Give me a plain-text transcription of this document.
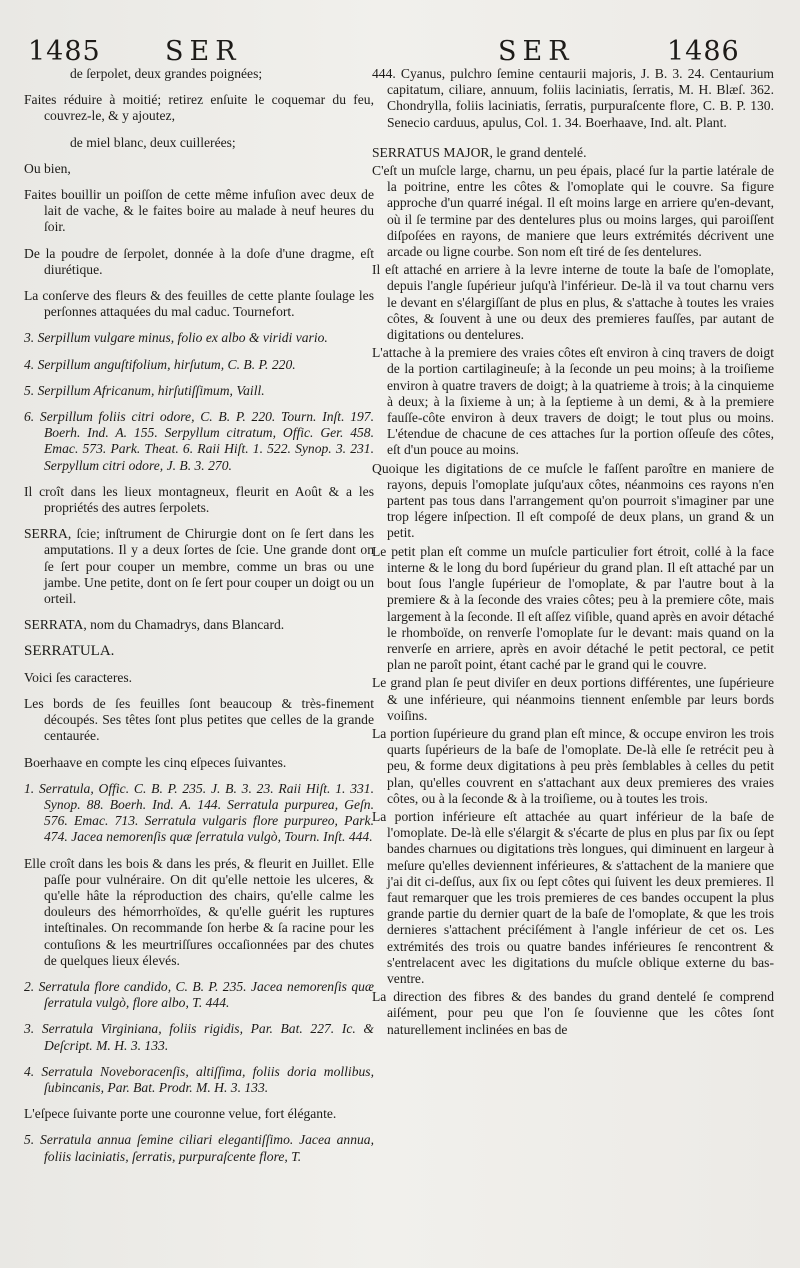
1485 SER	SER	1486

de ſerpolet, deux grandes poignées;

Faites réduire à moitié; retirez enſuite le coquemar du feu, couvrez-le, & y ajoutez,

de miel blanc, deux cuillerées;

Ou bien,

Faites bouillir un poiſſon de cette même infuſion avec deux de lait de vache, & le faites boire au malade à neuf heures du ſoir.

De la poudre de ſerpolet, donnée à la doſe d'une dragme, eſt diurétique.

La conſerve des fleurs & des feuilles de cette plante ſoulage les perſonnes attaquées du mal caduc. Tournefort.

3. Serpillum vulgare minus, folio ex albo & viridi vario.

4. Serpillum anguſtifolium, hirſutum, C. B. P. 220.

5. Serpillum Africanum, hirſutiſſimum, Vaill.

6. Serpillum foliis citri odore, C. B. P. 220. Tourn. Inſt. 197. Boerh. Ind. A. 155. Serpyllum citratum, Offic. Ger. 458. Emac. 573. Park. Theat. 6. Raii Hiſt. 1. 522. Synop. 3. 231. Serpyllum citri odore, J. B. 3. 270.

Il croît dans les lieux montagneux, fleurit en Août & a les propriétés des autres ſerpolets.

SERRA, ſcie; inſtrument de Chirurgie dont on ſe ſert dans les amputations. Il y a deux ſortes de ſcie. Une grande dont on ſe ſert pour couper un membre, comme un bras ou une jambe. Une petite, dont on ſe ſert pour couper un doigt ou un orteil.

SERRATA, nom du Chamadrys, dans Blancard.

SERRATULA.

Voici ſes caracteres.

Les bords de ſes feuilles ſont beaucoup & très-finement découpés. Ses têtes ſont plus petites que celles de la grande centaurée.

Boerhaave en compte les cinq eſpeces ſuivantes.

1. Serratula, Offic. C. B. P. 235. J. B. 3. 23. Raii Hiſt. 1. 331. Synop. 88. Boerh. Ind. A. 144. Serratula purpurea, Geſn. 576. Emac. 713. Serratula vulgaris flore purpureo, Park. 474. Jacea nemorenſis quæ ſerratula vulgò, Tourn. Inſt. 444.

Elle croît dans les bois & dans les prés, & fleurit en Juillet. Elle paſſe pour vulnéraire. On dit qu'elle nettoie les ulceres, & qu'elle hâte la réproduction des chairs, qu'elle calme les douleurs des hémorrhoïdes, & qu'elle guérit les ruptures inteſtinales. On recommande ſon herbe & ſa racine pour les contuſions & les meurtriſſures occaſionnées par des chutes de quelques lieux élevés.

2. Serratula flore candido, C. B. P. 235. Jacea nemorenſis quæ ſerratula vulgò, flore albo, T. 444.

3. Serratula Virginiana, foliis rigidis, Par. Bat. 227. Ic. & Deſcript. M. H. 3. 133.

4. Serratula Noveboracenſis, altiſſima, foliis doria mollibus, ſubincanis, Par. Bat. Prodr. M. H. 3. 133.

L'eſpece ſuivante porte une couronne velue, fort élégante.

5. Serratula annua ſemine ciliari elegantiſſimo. Jacea annua, foliis laciniatis, ſerratis, purpuraſcente flore, T.

444. Cyanus, pulchro ſemine centaurii majoris, J. B. 3. 24. Centaurium capitatum, ciliare, annuum, foliis laciniatis, ſerratis, M. H. Blæſ. 362. Chondrylla, foliis laciniatis, ſerratis, purpuraſcente flore, C. B. P. 130. Senecio carduus, apulus, Col. 1. 34. Boerhaave, Ind. alt. Plant.

SERRATUS MAJOR, le grand dentelé.

C'eſt un muſcle large, charnu, un peu épais, placé ſur la partie latérale de la poitrine, entre les côtes & l'omoplate qui le couvre. Sa figure approche d'un quarré inégal. Il eſt moins large en arriere qu'en-devant, où il ſe termine par des dentelures plus ou moins larges, qui paroiſſent diſpoſées en rayons, de maniere que leurs extrémités décrivent une arcade ou ligne courbe. Son nom eſt tiré de ſes dentelures.

Il eſt attaché en arriere à la levre interne de toute la baſe de l'omoplate, depuis l'angle ſupérieur juſqu'à l'inférieur. De-là il va tout charnu vers le devant en s'élargiſſant de plus en plus, & s'attache à toutes les vraies côtes, & ſouvent à une ou deux des premieres fauſſes, par autant de digitations ou dentelures.

L'attache à la premiere des vraies côtes eſt environ à cinq travers de doigt de la portion cartilagineuſe; à la ſeconde un peu moins; à la troiſieme environ à quatre travers de doigt; à la quatrieme à trois; à la cinquieme à deux; à la ſixieme à un; à la ſeptieme à un demi, & à la premiere fauſſe-côte environ à deux travers de doigt; le tout plus ou moins. L'étendue de chacune de ces attaches ſur la portion oſſeuſe des côtes, eſt d'un pouce au moins.

Quoique les digitations de ce muſcle le faſſent paroître en maniere de rayons, depuis l'omoplate juſqu'aux côtes, néanmoins ces rayons n'en partent pas tous dans l'arrangement qu'on pourroit s'imaginer par une trop légere inſpection. Il eſt compoſé de deux plans, un grand & un petit.

Le petit plan eſt comme un muſcle particulier fort étroit, collé à la face interne & le long du bord ſupérieur du grand plan. Il eſt attaché par un bout ſous l'angle ſupérieur de l'omoplate, & par l'autre bout à la premiere & à la ſeconde des vraies côtes; peu à la premiere côte, mais largement à la ſeconde. Il eſt aſſez viſible, quand après en avoir détaché le rhomboïde, on renverſe l'omoplate ſur le devant: mais quand on la renverſe en arriere, après en avoir détaché le petit pectoral, ce petit plan ne paroît point, étant caché par le grand qui le couvre.

Le grand plan ſe peut diviſer en deux portions différentes, une ſupérieure & une inférieure, qui néanmoins tiennent enſemble par leurs bords voiſins.

La portion ſupérieure du grand plan eſt mince, & occupe environ les trois quarts ſupérieurs de la baſe de l'omoplate. De-là elle ſe retrécit peu à peu, & forme deux digitations à peu près ſemblables à celles du petit plan, qu'elles couvrent en s'attachant aux deux premieres des vraies côtes, ou à la ſeconde & à la troiſieme, ou à toutes les trois.

La portion inférieure eſt attachée au quart inférieur de la baſe de l'omoplate. De-là elle s'élargit & s'écarte de plus en plus par ſix ou ſept bandes charnues ou digitations très longues, qui diminuent en largeur à meſure qu'elles deviennent inférieures, & s'attachent de la maniere que j'ai dit ci-deſſus, aux ſix ou ſept côtes qui ſuivent les deux premieres. Il faut remarquer que les trois premieres de ces bandes occupent la plus grande partie du dernier quart de la baſe de l'omoplate, & que les trois dernieres s'attachent préciſément à l'angle inférieur de cet os. Les extrémités des trois ou quatre bandes inférieures ſe rencontrent & s'entrelacent avec les digitations du muſcle oblique externe du bas-ventre.

La direction des fibres & des bandes du grand dentelé ſe comprend aiſément, pour peu que l'on ſe ſouvienne que les côtes ſont naturellement inclinées en bas de
